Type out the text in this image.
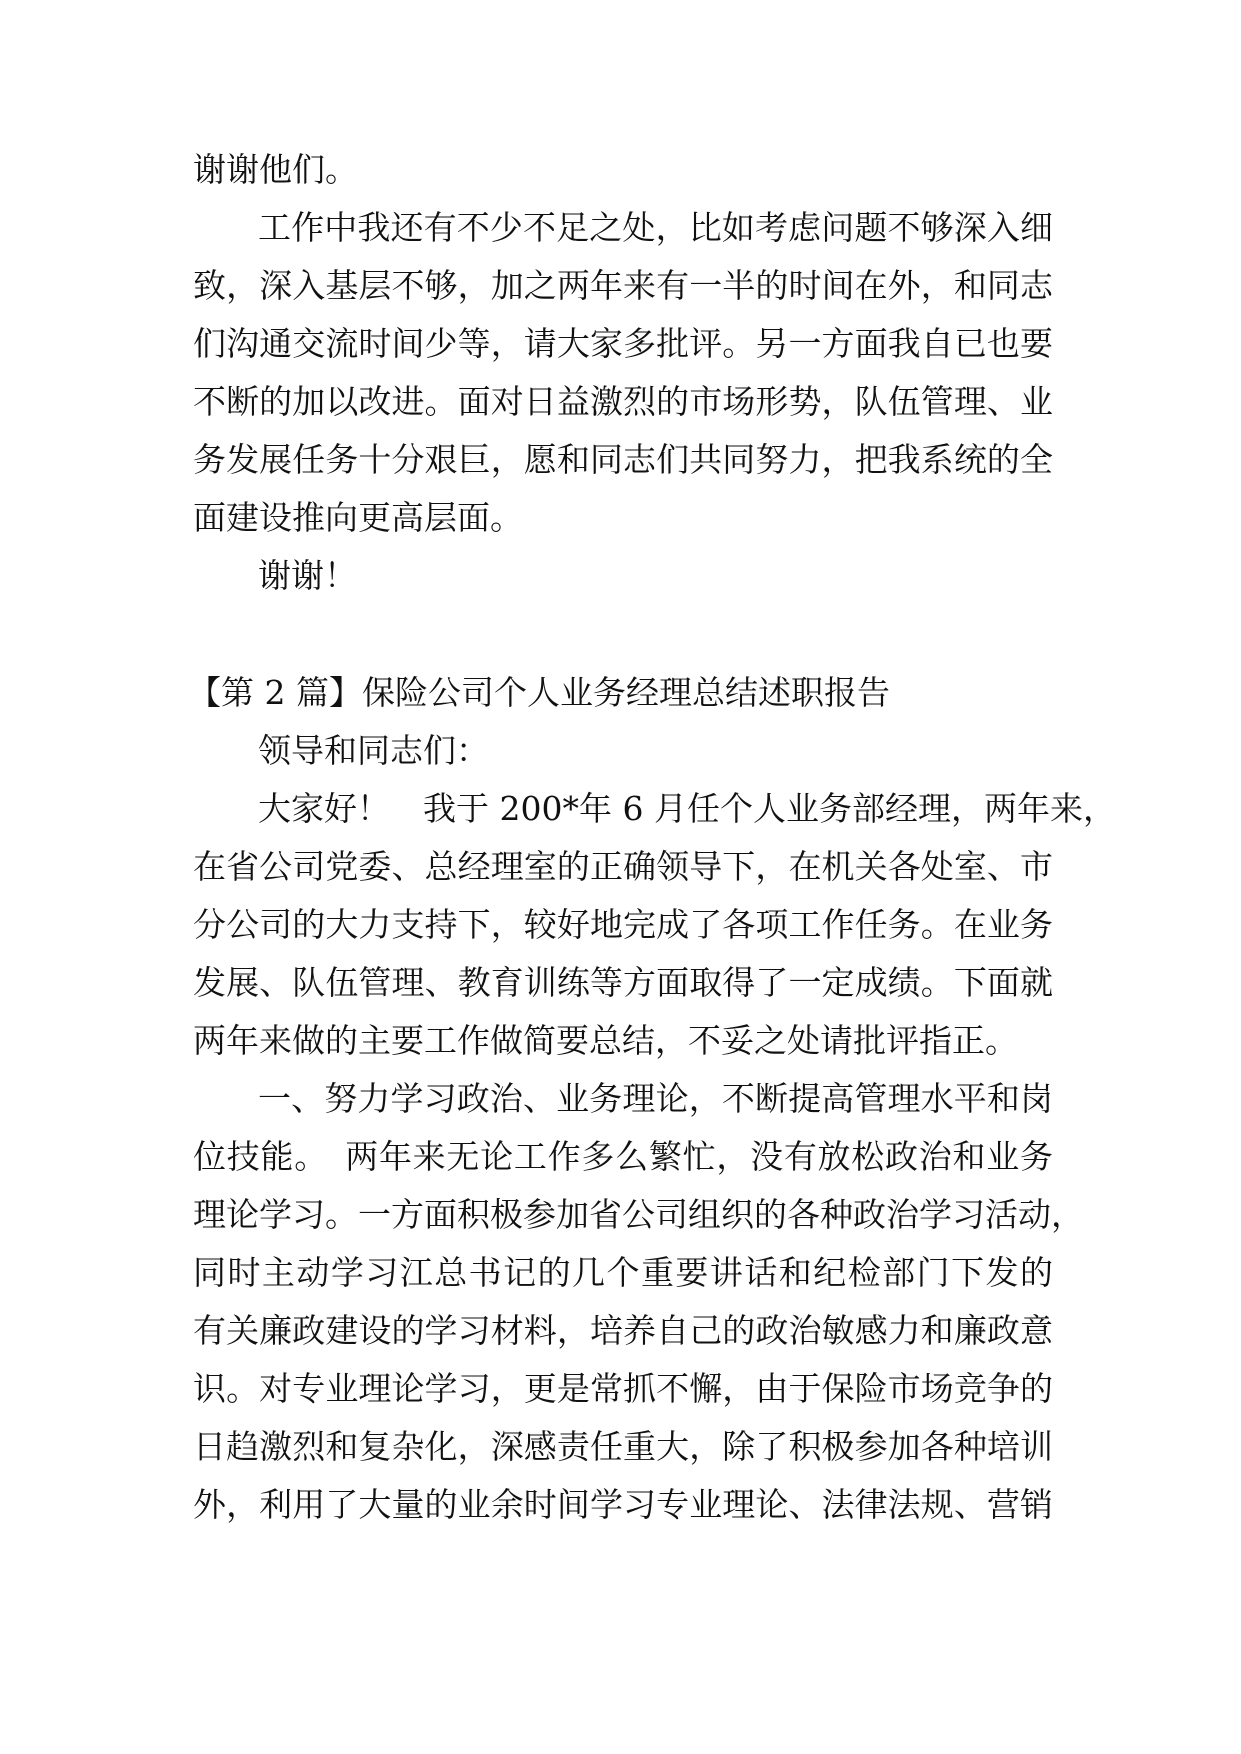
谢谢他们。
工作中我还有不少不足之处，比如考虑问题不够深入细
致，深入基层不够，加之两年来有一半的时间在外，和同志
们沟通交流时间少等，请大家多批评。另一方面我自已也要
不断的加以改进。面对日益激烈的市场形势，队伍管理、业
务发展任务十分艰巨，愿和同志们共同努力，把我系统的全
面建设推向更高层面。
谢谢！
【第 2 篇】保险公司个人业务经理总结述职报告
领导和同志们：
大家好！　我于 200*年 6 月任个人业务部经理，两年来，
在省公司党委、总经理室的正确领导下，在机关各处室、市
分公司的大力支持下，较好地完成了各项工作任务。在业务
发展、队伍管理、教育训练等方面取得了一定成绩。下面就
两年来做的主要工作做简要总结，不妥之处请批评指正。
一、努力学习政治、业务理论，不断提高管理水平和岗
位技能。　两年来无论工作多么繁忙，没有放松政治和业务
理论学习。一方面积极参加省公司组织的各种政治学习活动，
同时主动学习江总书记的几个重要讲话和纪检部门下发的
有关廉政建设的学习材料，培养自己的政治敏感力和廉政意
识。对专业理论学习，更是常抓不懈，由于保险市场竞争的
日趋激烈和复杂化，深感责任重大，除了积极参加各种培训
外，利用了大量的业余时间学习专业理论、法律法规、营销
